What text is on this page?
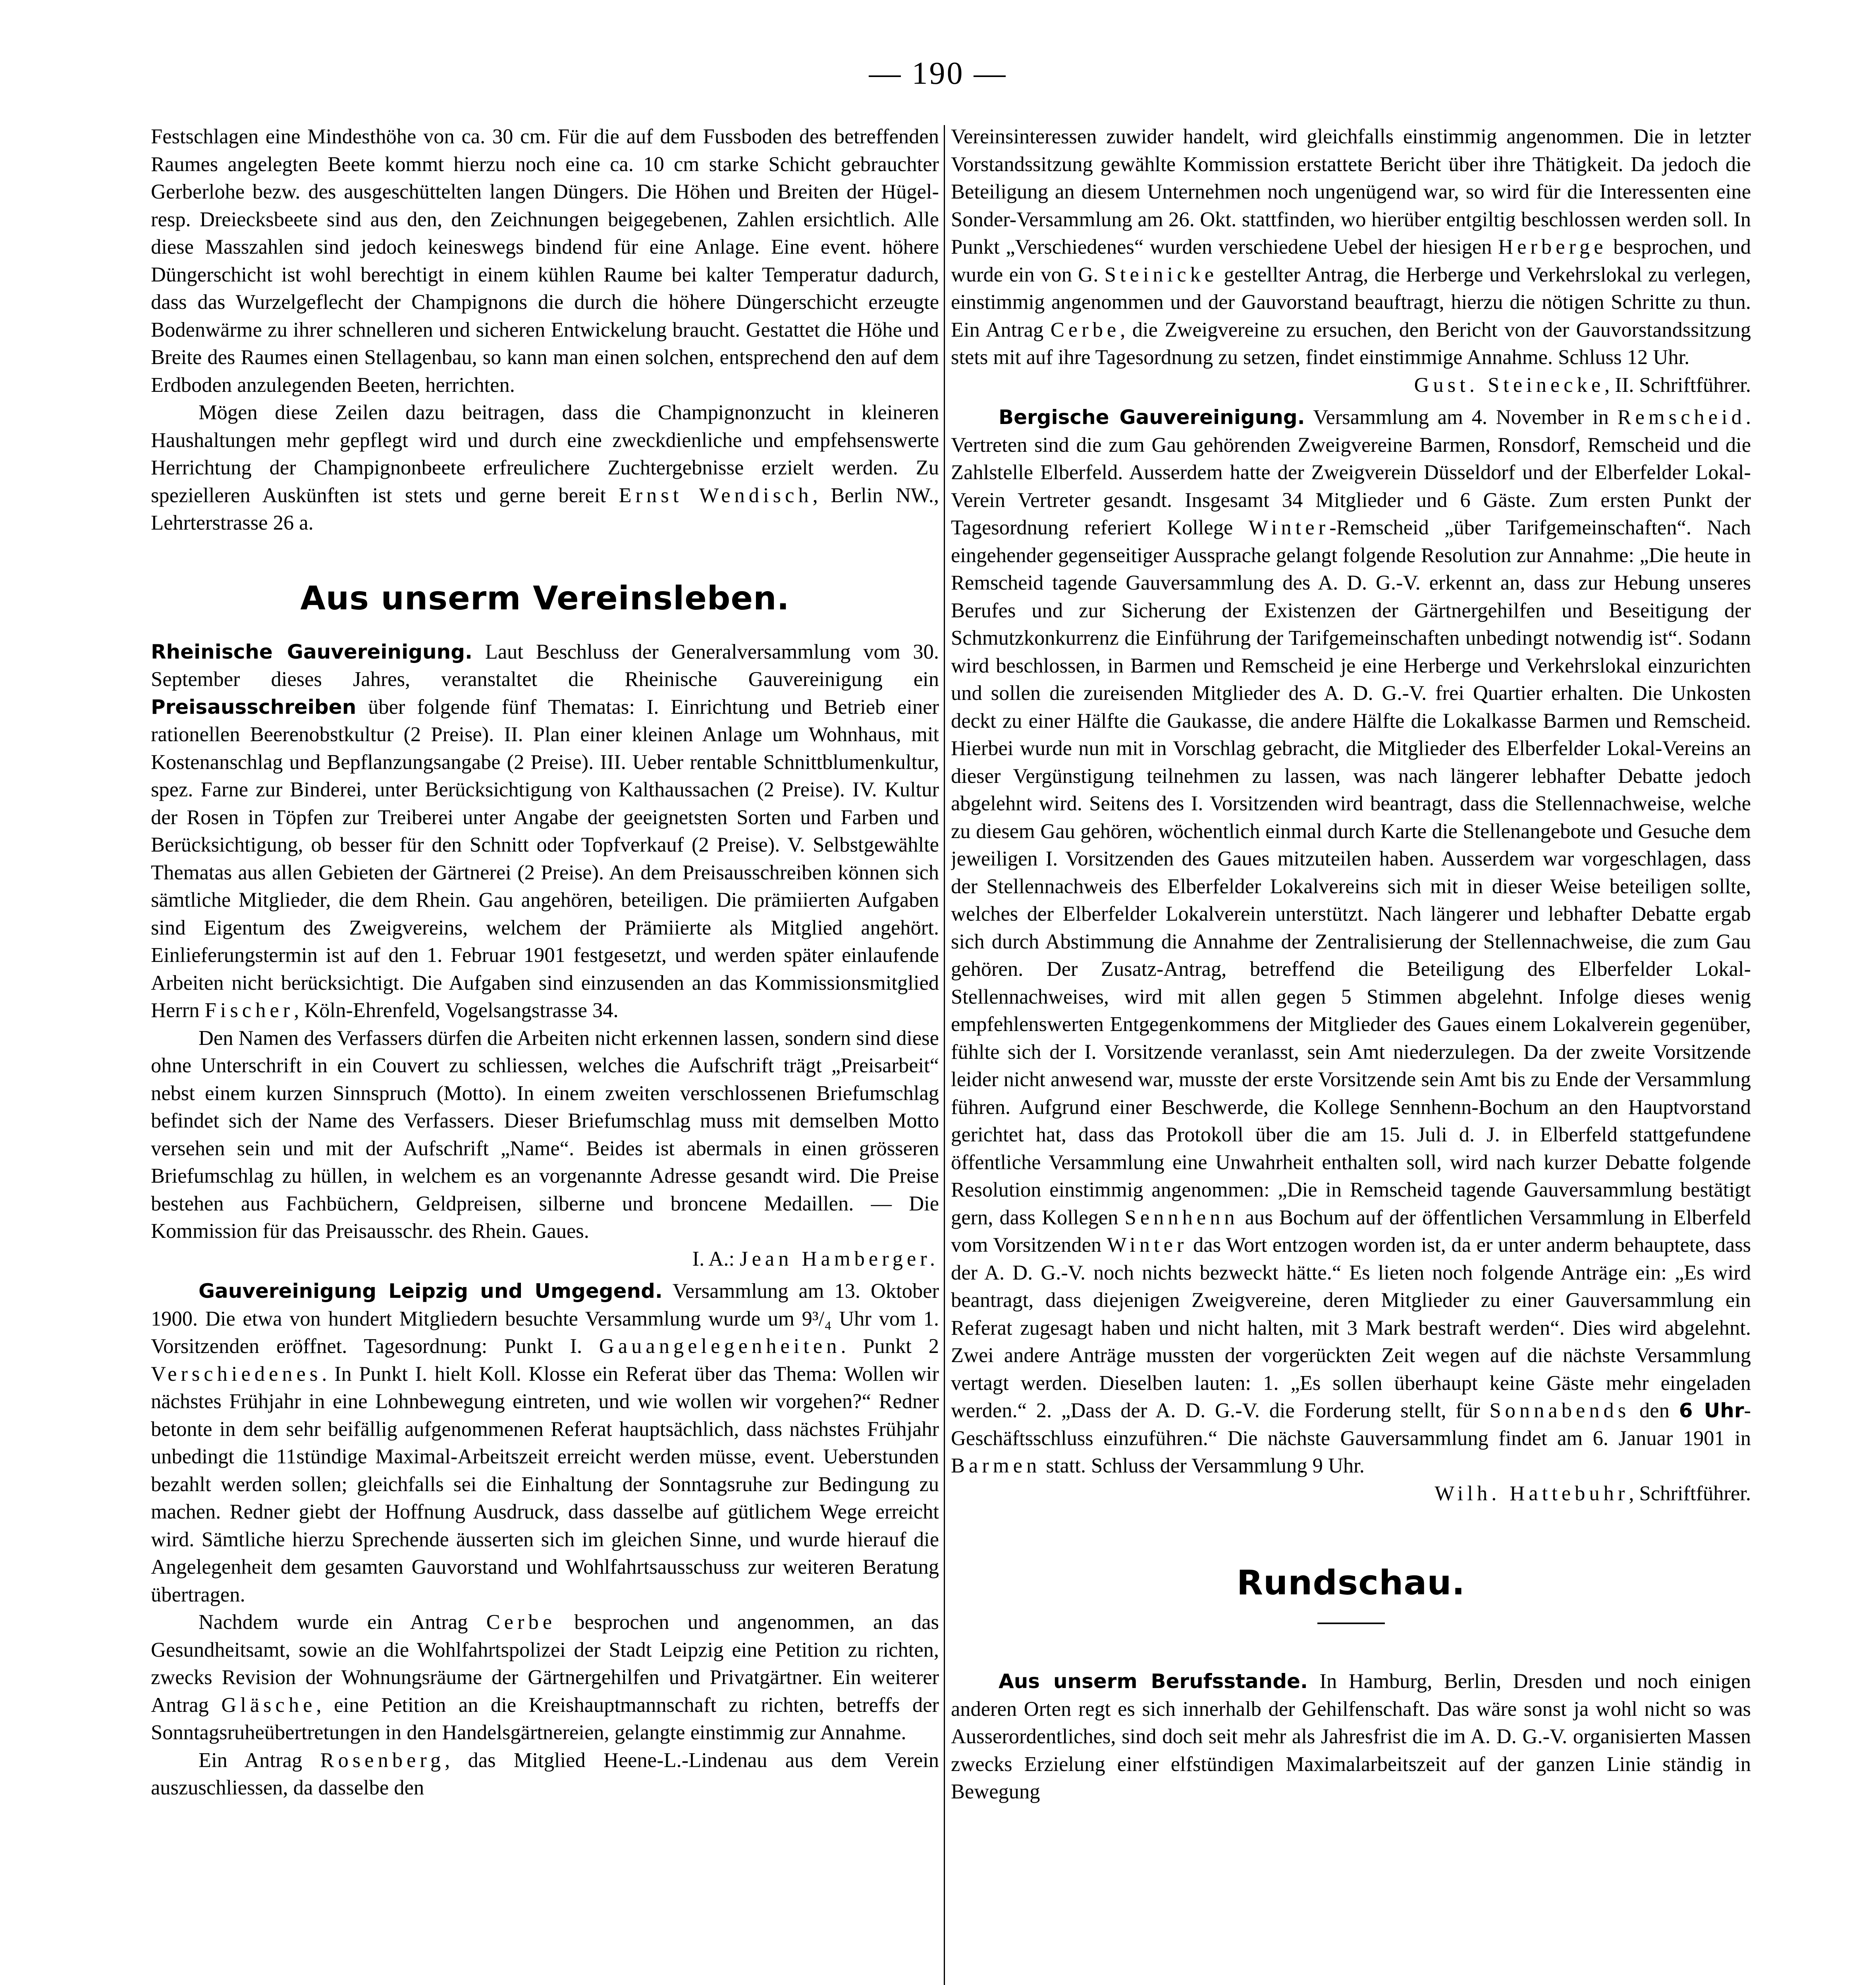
— 190 —

Festschlagen eine Mindesthöhe von ca. 30 cm. Für die auf dem Fussboden des betreffenden Raumes angelegten Beete kommt hierzu noch eine ca. 10 cm starke Schicht gebrauchter Gerberlohe bezw. des ausgeschüttelten langen Düngers. Die Höhen und Breiten der Hügel- resp. Dreiecksbeete sind aus den, den Zeichnungen beigegebenen, Zahlen ersichtlich. Alle diese Masszahlen sind jedoch keineswegs bindend für eine Anlage. Eine event. höhere Düngerschicht ist wohl berechtigt in einem kühlen Raume bei kalter Temperatur dadurch, dass das Wurzelgeflecht der Champignons die durch die höhere Düngerschicht erzeugte Bodenwärme zu ihrer schnelleren und sicheren Entwickelung braucht. Gestattet die Höhe und Breite des Raumes einen Stellagenbau, so kann man einen solchen, entsprechend den auf dem Erdboden anzulegenden Beeten, herrichten.

Mögen diese Zeilen dazu beitragen, dass die Champignonzucht in kleineren Haushaltungen mehr gepflegt wird und durch eine zweckdienliche und empfehsenswerte Herrichtung der Champignonbeete erfreulichere Zuchtergebnisse erzielt werden. Zu spezielleren Auskünften ist stets und gerne bereit Ernst Wendisch, Berlin NW., Lehrterstrasse 26 a.

Aus unserm Vereinsleben.

Rheinische Gauvereinigung. Laut Beschluss der Generalversammlung vom 30. September dieses Jahres, veranstaltet die Rheinische Gauvereinigung ein Preisausschreiben über folgende fünf Thematas: I. Einrichtung und Betrieb einer rationellen Beerenobstkultur (2 Preise). II. Plan einer kleinen Anlage um Wohnhaus, mit Kostenanschlag und Bepflanzungsangabe (2 Preise). III. Ueber rentable Schnittblumenkultur, spez. Farne zur Binderei, unter Berücksichtigung von Kalthaussachen (2 Preise). IV. Kultur der Rosen in Töpfen zur Treiberei unter Angabe der geeignetsten Sorten und Farben und Berücksichtigung, ob besser für den Schnitt oder Topfverkauf (2 Preise). V. Selbstgewählte Thematas aus allen Gebieten der Gärtnerei (2 Preise). An dem Preisausschreiben können sich sämtliche Mitglieder, die dem Rhein. Gau angehören, beteiligen. Die prämiierten Aufgaben sind Eigentum des Zweigvereins, welchem der Prämiierte als Mitglied angehört. Einlieferungstermin ist auf den 1. Februar 1901 festgesetzt, und werden später einlaufende Arbeiten nicht berücksichtigt. Die Aufgaben sind einzusenden an das Kommissionsmitglied Herrn Fischer, Köln-Ehrenfeld, Vogelsangstrasse 34.

Den Namen des Verfassers dürfen die Arbeiten nicht erkennen lassen, sondern sind diese ohne Unterschrift in ein Couvert zu schliessen, welches die Aufschrift trägt „Preisarbeit“ nebst einem kurzen Sinnspruch (Motto). In einem zweiten verschlossenen Briefumschlag befindet sich der Name des Verfassers. Dieser Briefumschlag muss mit demselben Motto versehen sein und mit der Aufschrift „Name“. Beides ist abermals in einen grösseren Briefumschlag zu hüllen, in welchem es an vorgenannte Adresse gesandt wird. Die Preise bestehen aus Fachbüchern, Geldpreisen, silberne und broncene Medaillen. — Die Kommission für das Preisausschr. des Rhein. Gaues.

I. A.: Jean Hamberger.

Gauvereinigung Leipzig und Umgegend. Versammlung am 13. Oktober 1900. Die etwa von hundert Mitgliedern besuchte Versammlung wurde um 9³/₄ Uhr vom 1. Vorsitzenden eröffnet. Tagesordnung: Punkt I. Gauangelegenheiten. Punkt 2 Verschiedenes. In Punkt I. hielt Koll. Klosse ein Referat über das Thema: Wollen wir nächstes Frühjahr in eine Lohnbewegung eintreten, und wie wollen wir vorgehen?“ Redner betonte in dem sehr beifällig aufgenommenen Referat hauptsächlich, dass nächstes Frühjahr unbedingt die 11stündige Maximal-Arbeitszeit erreicht werden müsse, event. Ueberstunden bezahlt werden sollen; gleichfalls sei die Einhaltung der Sonntagsruhe zur Bedingung zu machen. Redner giebt der Hoffnung Ausdruck, dass dasselbe auf gütlichem Wege erreicht wird. Sämtliche hierzu Sprechende äusserten sich im gleichen Sinne, und wurde hierauf die Angelegenheit dem gesamten Gauvorstand und Wohlfahrtsausschuss zur weiteren Beratung übertragen.

Nachdem wurde ein Antrag Cerbe besprochen und angenommen, an das Gesundheitsamt, sowie an die Wohlfahrtspolizei der Stadt Leipzig eine Petition zu richten, zwecks Revision der Wohnungsräume der Gärtnergehilfen und Privatgärtner. Ein weiterer Antrag Gläsche, eine Petition an die Kreishauptmannschaft zu richten, betreffs der Sonntagsruheübertretungen in den Handelsgärtnereien, gelangte einstimmig zur Annahme.

Ein Antrag Rosenberg, das Mitglied Heene-L.-Lindenau aus dem Verein auszuschliessen, da dasselbe den

Vereinsinteressen zuwider handelt, wird gleichfalls einstimmig angenommen. Die in letzter Vorstandssitzung gewählte Kommission erstattete Bericht über ihre Thätigkeit. Da jedoch die Beteiligung an diesem Unternehmen noch ungenügend war, so wird für die Interessenten eine Sonder-Versammlung am 26. Okt. stattfinden, wo hierüber entgiltig beschlossen werden soll. In Punkt „Verschiedenes“ wurden verschiedene Uebel der hiesigen Herberge besprochen, und wurde ein von G. Steinicke gestellter Antrag, die Herberge und Verkehrslokal zu verlegen, einstimmig angenommen und der Gauvorstand beauftragt, hierzu die nötigen Schritte zu thun. Ein Antrag Cerbe, die Zweigvereine zu ersuchen, den Bericht von der Gauvorstandssitzung stets mit auf ihre Tagesordnung zu setzen, findet einstimmige Annahme. Schluss 12 Uhr.

Gust. Steinecke, II. Schriftführer.

Bergische Gauvereinigung. Versammlung am 4. November in Remscheid. Vertreten sind die zum Gau gehörenden Zweigvereine Barmen, Ronsdorf, Remscheid und die Zahlstelle Elberfeld. Ausserdem hatte der Zweigverein Düsseldorf und der Elberfelder Lokal-Verein Vertreter gesandt. Insgesamt 34 Mitglieder und 6 Gäste. Zum ersten Punkt der Tagesordnung referiert Kollege Winter-Remscheid „über Tarifgemeinschaften“. Nach eingehender gegenseitiger Aussprache gelangt folgende Resolution zur Annahme: „Die heute in Remscheid tagende Gauversammlung des A. D. G.-V. erkennt an, dass zur Hebung unseres Berufes und zur Sicherung der Existenzen der Gärtnergehilfen und Beseitigung der Schmutzkonkurrenz die Einführung der Tarifgemeinschaften unbedingt notwendig ist“. Sodann wird beschlossen, in Barmen und Remscheid je eine Herberge und Verkehrslokal einzurichten und sollen die zureisenden Mitglieder des A. D. G.-V. frei Quartier erhalten. Die Unkosten deckt zu einer Hälfte die Gaukasse, die andere Hälfte die Lokalkasse Barmen und Remscheid. Hierbei wurde nun mit in Vorschlag gebracht, die Mitglieder des Elberfelder Lokal-Vereins an dieser Vergünstigung teilnehmen zu lassen, was nach längerer lebhafter Debatte jedoch abgelehnt wird. Seitens des I. Vorsitzenden wird beantragt, dass die Stellennachweise, welche zu diesem Gau gehören, wöchentlich einmal durch Karte die Stellenangebote und Gesuche dem jeweiligen I. Vorsitzenden des Gaues mitzuteilen haben. Ausserdem war vorgeschlagen, dass der Stellennachweis des Elberfelder Lokalvereins sich mit in dieser Weise beteiligen sollte, welches der Elberfelder Lokalverein unterstützt. Nach längerer und lebhafter Debatte ergab sich durch Abstimmung die Annahme der Zentralisierung der Stellennachweise, die zum Gau gehören. Der Zusatz-Antrag, betreffend die Beteiligung des Elberfelder Lokal-Stellennachweises, wird mit allen gegen 5 Stimmen abgelehnt. Infolge dieses wenig empfehlenswerten Entgegenkommens der Mitglieder des Gaues einem Lokalverein gegenüber, fühlte sich der I. Vorsitzende veranlasst, sein Amt niederzulegen. Da der zweite Vorsitzende leider nicht anwesend war, musste der erste Vorsitzende sein Amt bis zu Ende der Versammlung führen. Aufgrund einer Beschwerde, die Kollege Sennhenn-Bochum an den Hauptvorstand gerichtet hat, dass das Protokoll über die am 15. Juli d. J. in Elberfeld stattgefundene öffentliche Versammlung eine Unwahrheit enthalten soll, wird nach kurzer Debatte folgende Resolution einstimmig angenommen: „Die in Remscheid tagende Gauversammlung bestätigt gern, dass Kollegen Sennhenn aus Bochum auf der öffentlichen Versammlung in Elberfeld vom Vorsitzenden Winter das Wort entzogen worden ist, da er unter anderm behauptete, dass der A. D. G.-V. noch nichts bezweckt hätte.“ Es lieten noch folgende Anträge ein: „Es wird beantragt, dass diejenigen Zweigvereine, deren Mitglieder zu einer Gauversammlung ein Referat zugesagt haben und nicht halten, mit 3 Mark bestraft werden“. Dies wird abgelehnt. Zwei andere Anträge mussten der vorgerückten Zeit wegen auf die nächste Versammlung vertagt werden. Dieselben lauten: 1. „Es sollen überhaupt keine Gäste mehr eingeladen werden.“ 2. „Dass der A. D. G.-V. die Forderung stellt, für Sonnabends den 6 Uhr-Geschäftsschluss einzuführen.“ Die nächste Gauversammlung findet am 6. Januar 1901 in Barmen statt. Schluss der Versammlung 9 Uhr.

Wilh. Hattebuhr, Schriftführer.

Rundschau.

Aus unserm Berufsstande. In Hamburg, Berlin, Dresden und noch einigen anderen Orten regt es sich innerhalb der Gehilfenschaft. Das wäre sonst ja wohl nicht so was Ausserordentliches, sind doch seit mehr als Jahresfrist die im A. D. G.-V. organisierten Massen zwecks Erzielung einer elfstündigen Maximalarbeitszeit auf der ganzen Linie ständig in Bewegung
